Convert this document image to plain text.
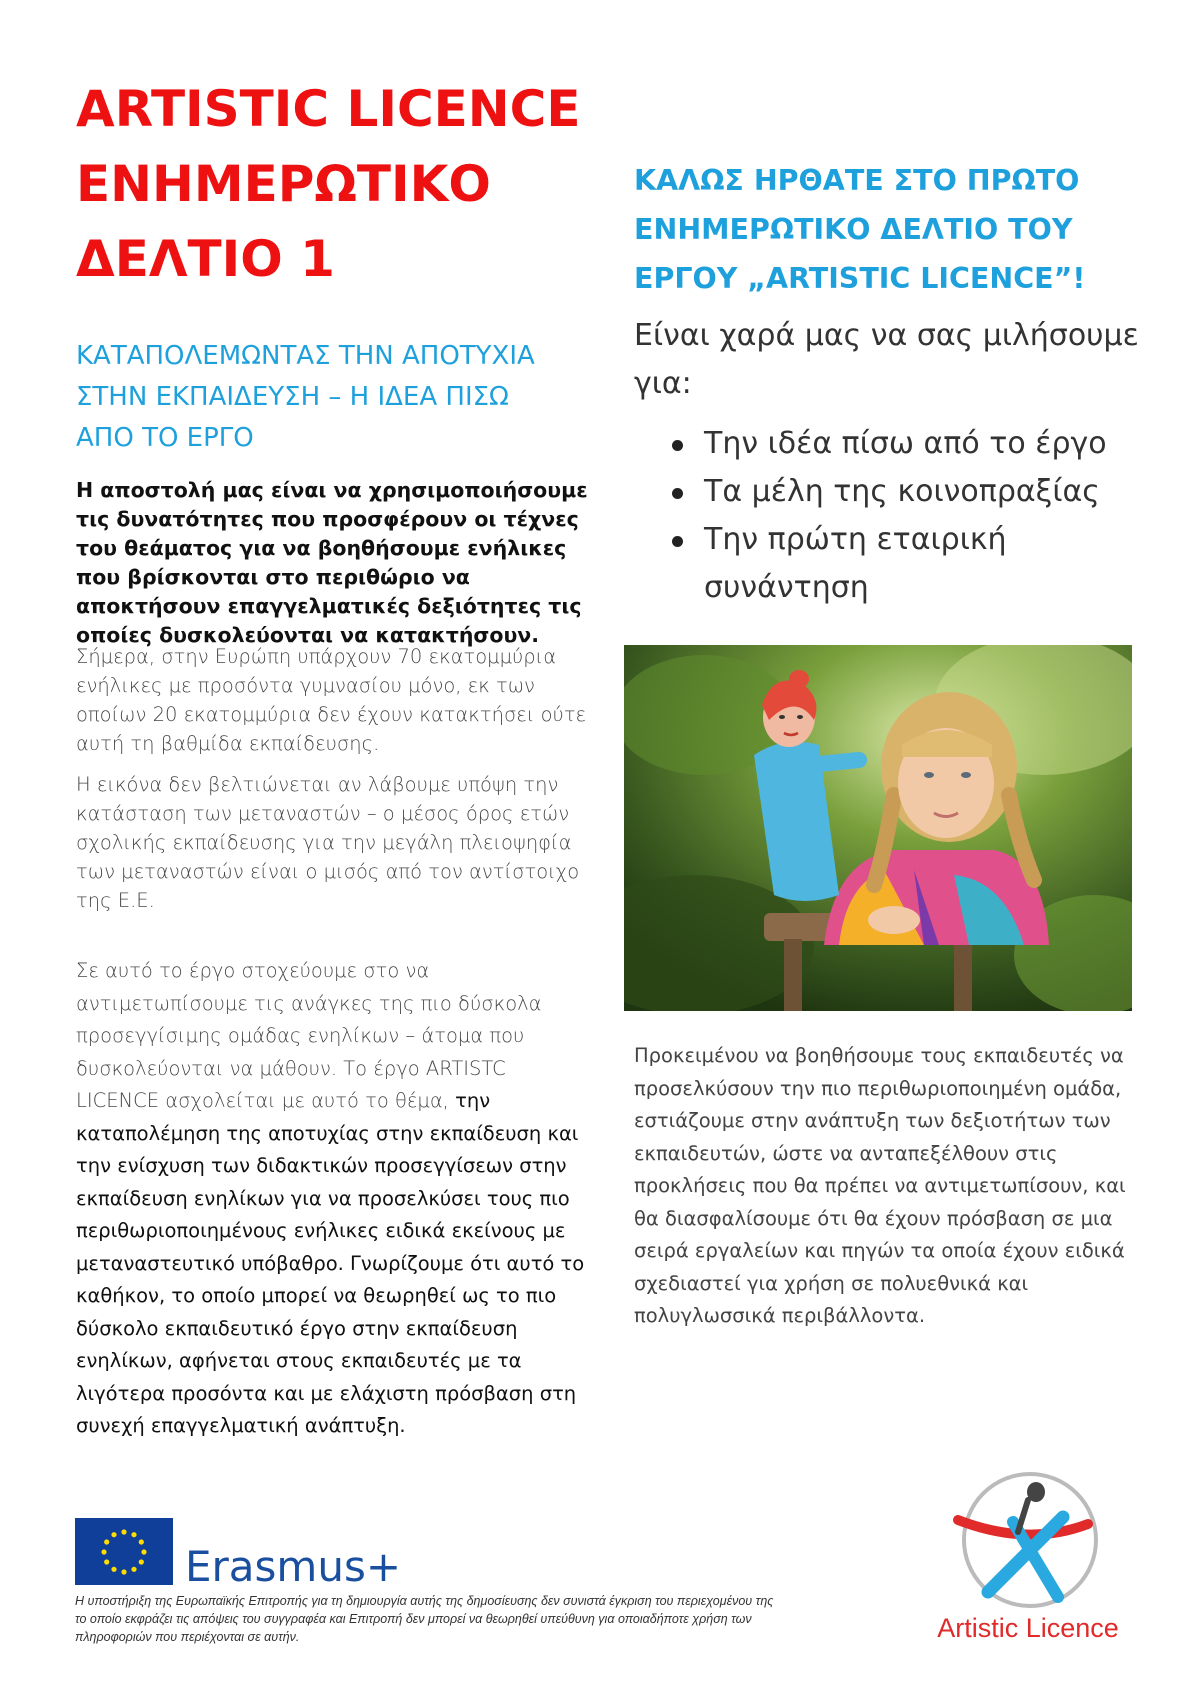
ARTISTIC LICENCE
ΕΝΗΜΕΡΩΤΙΚΟ
ΔΕΛΤΙΟ 1
ΚΑΤΑΠΟΛΕΜΩΝΤΑΣ ΤΗΝ ΑΠΟΤΥΧΙΑ
ΣΤΗΝ ΕΚΠΑΙΔΕΥΣΗ – Η ΙΔΕΑ ΠΙΣΩ
ΑΠΟ ΤΟ ΕΡΓΟ

Η αποστολή μας είναι να χρησιμοποιήσουμε τις δυνατότητες που προσφέρουν οι τέχνες του θεάματος για να βοηθήσουμε ενήλικες που βρίσκονται στο περιθώριο να αποκτήσουν επαγγελματικές δεξιότητες τις οποίες δυσκολεύονται να κατακτήσουν.

Σήμερα, στην Ευρώπη υπάρχουν 70 εκατομμύρια ενήλικες με προσόντα γυμνασίου μόνο, εκ των οποίων 20 εκατομμύρια δεν έχουν κατακτήσει ούτε αυτή τη βαθμίδα εκπαίδευσης.

Η εικόνα δεν βελτιώνεται αν λάβουμε υπόψη την κατάσταση των μεταναστών – ο μέσος όρος ετών σχολικής εκπαίδευσης για την μεγάλη πλειοψηφία των μεταναστών είναι ο μισός από τον αντίστοιχο της Ε.Ε.

Σε αυτό το έργο στοχεύουμε στο να αντιμετωπίσουμε τις ανάγκες της πιο δύσκολα προσεγγίσιμης ομάδας ενηλίκων – άτομα που δυσκολεύονται να μάθουν. Το έργο ARTISTC LICENCE ασχολείται με αυτό το θέμα, την καταπολέμηση της αποτυχίας στην εκπαίδευση και την ενίσχυση των διδακτικών προσεγγίσεων στην εκπαίδευση ενηλίκων για να προσελκύσει τους πιο περιθωριοποιημένους ενήλικες ειδικά εκείνους με μεταναστευτικό υπόβαθρο. Γνωρίζουμε ότι αυτό το καθήκον, το οποίο μπορεί να θεωρηθεί ως το πιο δύσκολο εκπαιδευτικό έργο στην εκπαίδευση ενηλίκων, αφήνεται στους εκπαιδευτές με τα λιγότερα προσόντα και με ελάχιστη πρόσβαση στη συνεχή επαγγελματική ανάπτυξη.

ΚΑΛΩΣ ΗΡΘΑΤΕ ΣΤΟ ΠΡΩΤΟ
ΕΝΗΜΕΡΩΤΙΚΟ ΔΕΛΤΙΟ ΤΟΥ
ΕΡΓΟΥ „ARTISTIC LICENCE”!

Είναι χαρά μας να σας μιλήσουμε για:

Την ιδέα πίσω από το έργο
Τα μέλη της κοινοπραξίας
Την πρώτη εταιρική συνάντηση

Προκειμένου να βοηθήσουμε τους εκπαιδευτές να προσελκύσουν την πιο περιθωριοποιημένη ομάδα, εστιάζουμε στην ανάπτυξη των δεξιοτήτων των εκπαιδευτών, ώστε να ανταπεξέλθουν στις προκλήσεις που θα πρέπει να αντιμετωπίσουν, και θα διασφαλίσουμε ότι θα έχουν πρόσβαση σε μια σειρά εργαλείων και πηγών τα οποία έχουν ειδικά σχεδιαστεί για χρήση σε πολυεθνικά και πολυγλωσσικά περιβάλλοντα.

Erasmus+

Η υποστήριξη της Ευρωπαϊκής Επιτροπής για τη δημιουργία αυτής της δημοσίευσης δεν συνιστά έγκριση του περιεχομένου της το οποίο εκφράζει τις απόψεις του συγγραφέα και Επιτροπή δεν μπορεί να θεωρηθεί υπεύθυνη για οποιαδήποτε χρήση των πληροφοριών που περιέχονται σε αυτήν.	Artistic Licence
